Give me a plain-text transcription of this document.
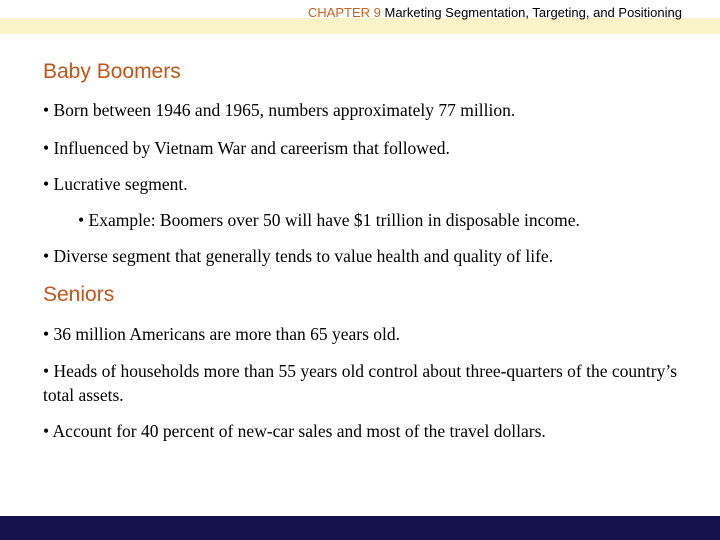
CHAPTER 9 Marketing Segmentation, Targeting, and Positioning
Baby Boomers
• Born between 1946 and 1965, numbers approximately 77 million.
• Influenced by Vietnam War and careerism that followed.
• Lucrative segment.
• Example: Boomers over 50 will have $1 trillion in disposable income.
• Diverse segment that generally tends to value health and quality of life.
Seniors
• 36 million Americans are more than 65 years old.
• Heads of households more than 55 years old control about three-quarters of the country’s total assets.
• Account for 40 percent of new-car sales and most of the travel dollars.
